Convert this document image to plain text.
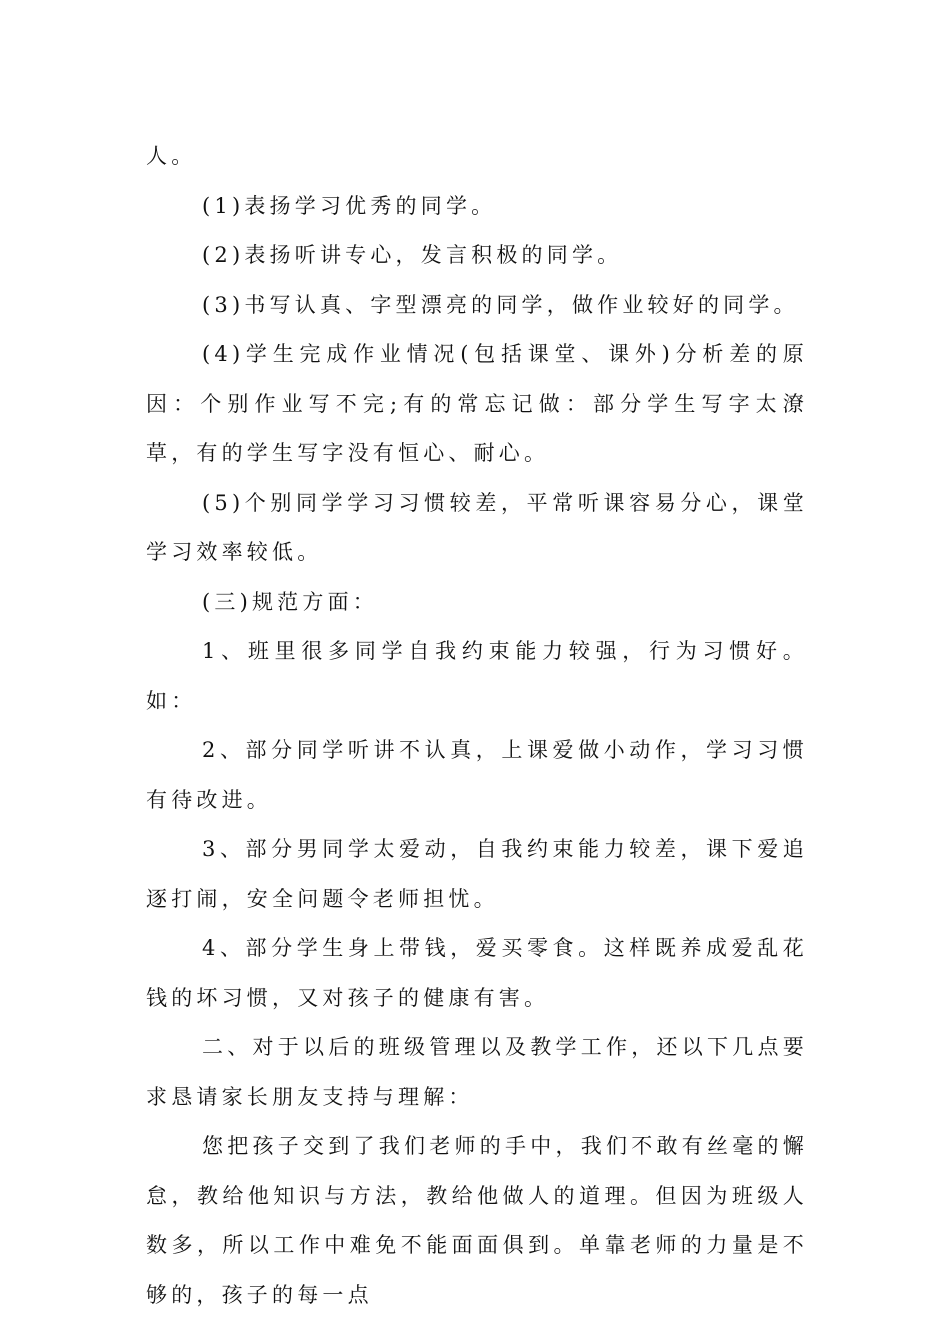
人。

(1)表扬学习优秀的同学。

(2)表扬听讲专心，发言积极的同学。

(3)书写认真、字型漂亮的同学，做作业较好的同学。

(4)学生完成作业情况(包括课堂、课外)分析差的原因：个别作业写不完;有的常忘记做：部分学生写字太潦草，有的学生写字没有恒心、耐心。

(5)个别同学学习习惯较差，平常听课容易分心，课堂学习效率较低。

(三)规范方面：

1、班里很多同学自我约束能力较强，行为习惯好。如：

2、部分同学听讲不认真，上课爱做小动作，学习习惯有待改进。

3、部分男同学太爱动，自我约束能力较差，课下爱追逐打闹，安全问题令老师担忧。

4、部分学生身上带钱，爱买零食。这样既养成爱乱花钱的坏习惯，又对孩子的健康有害。

二、对于以后的班级管理以及教学工作，还以下几点要求恳请家长朋友支持与理解：

您把孩子交到了我们老师的手中，我们不敢有丝毫的懈怠，教给他知识与方法，教给他做人的道理。但因为班级人数多，所以工作中难免不能面面俱到。单靠老师的力量是不够的，孩子的每一点
